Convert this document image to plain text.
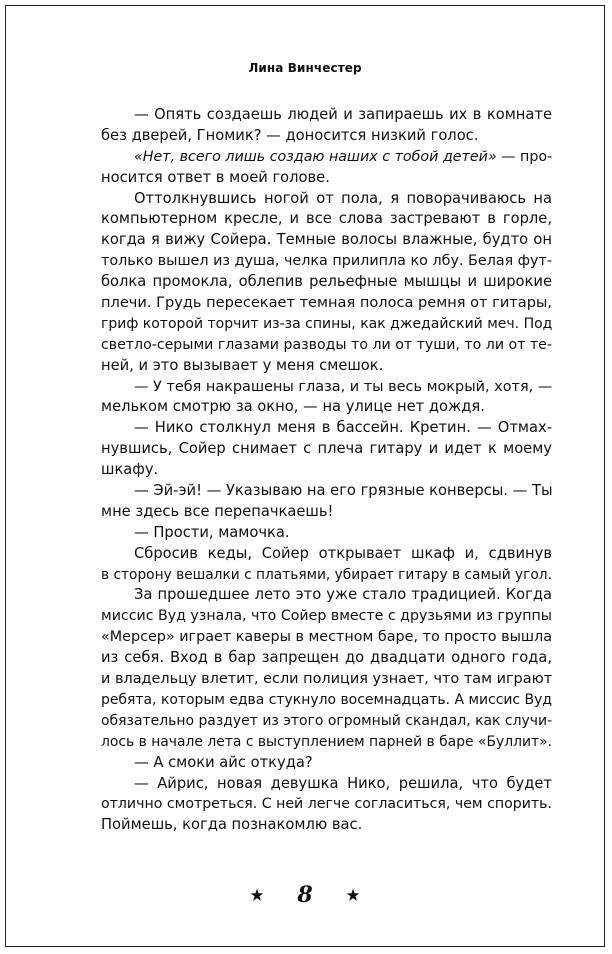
Лина Винчестер
— Опять создаешь людей и запираешь их в комнате
без дверей, Гномик? — доносится низкий голос.
«Нет, всего лишь создаю наших с тобой детей» — про-
носится ответ в моей голове.
Оттолкнувшись ногой от пола, я поворачиваюсь на
компьютерном кресле, и все слова застревают в горле,
когда я вижу Сойера. Темные волосы влажные, будто он
только вышел из душа, челка прилипла ко лбу. Белая фут-
болка промокла, облепив рельефные мышцы и широкие
плечи. Грудь пересекает темная полоса ремня от гитары,
гриф которой торчит из-за спины, как джедайский меч. Под
светло-серыми глазами разводы то ли от туши, то ли от те-
ней, и это вызывает у меня смешок.
— У тебя накрашены глаза, и ты весь мокрый, хотя, —
мельком смотрю за окно, — на улице нет дождя.
— Нико столкнул меня в бассейн. Кретин. — Отмах-
нувшись, Сойер снимает с плеча гитару и идет к моему
шкафу.
— Эй-эй! — Указываю на его грязные конверсы. — Ты
мне здесь все перепачкаешь!
— Прости, мамочка.
Сбросив кеды, Сойер открывает шкаф и, сдвинув
в сторону вешалки с платьями, убирает гитару в самый угол.
За прошедшее лето это уже стало традицией. Когда
миссис Вуд узнала, что Сойер вместе с друзьями из группы
«Мерсер» играет каверы в местном баре, то просто вышла
из себя. Вход в бар запрещен до двадцати одного года,
и владельцу влетит, если полиция узнает, что там играют
ребята, которым едва стукнуло восемнадцать. А миссис Вуд
обязательно раздует из этого огромный скандал, как случи-
лось в начале лета с выступлением парней в баре «Буллит».
— А смоки айс откуда?
— Айрис, новая девушка Нико, решила, что будет
отлично смотреться. С ней легче согласиться, чем спорить.
Поймешь, когда познакомлю вас.
8
